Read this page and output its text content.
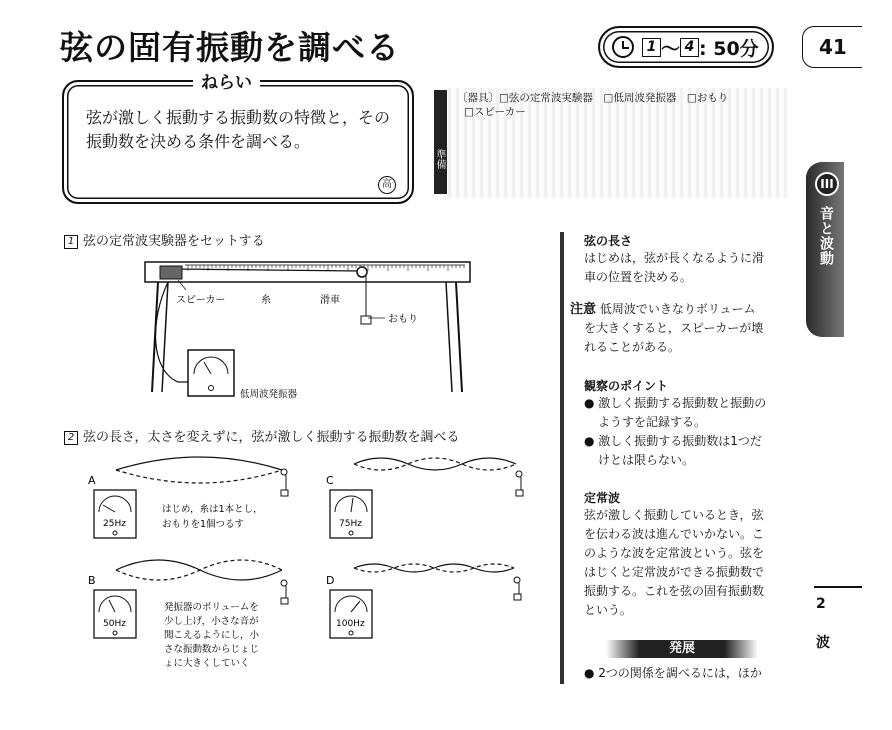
弦の固有振動を調べる	1 〜 4 : 50分	41
ねらい
弦が激しく振動する振動数の特徴と，その振動数を決める条件を調べる。
高
準備
〔器具〕□弦の定常波実験器　□低周波発振器　□おもり
□スピーカー
III
音と波動
1 弦の定常波実験器をセットする
スピーカー	糸	滑車
おもり
低周波発振器
2 弦の長さ，太さを変えずに，弦が激しく振動する振動数を調べる
A
25Hz
はじめ，糸は1本とし，
おもりを1個つるす
B
50Hz
発振器のボリュームを
少し上げ，小さな音が
聞こえるようにし，小
さな振動数からじょじ
ょに大きくしていく
C
75Hz
D
100Hz
弦の長さ
はじめは，弦が長くなるように滑
車の位置を決める。
注意 低周波でいきなりボリューム
を大きくすると，スピーカーが壊
れることがある。
観察のポイント
● 激しく振動する振動数と振動の
ようすを記録する。
● 激しく振動する振動数は1つだ
けとは限らない。
定常波
弦が激しく振動しているとき，弦
を伝わる波は進んでいかない。こ
のような波を定常波という。弦を
はじくと定常波ができる振動数で
振動する。これを弦の固有振動数
という。
発展
● 2つの関係を調べるには，ほか
2
波
